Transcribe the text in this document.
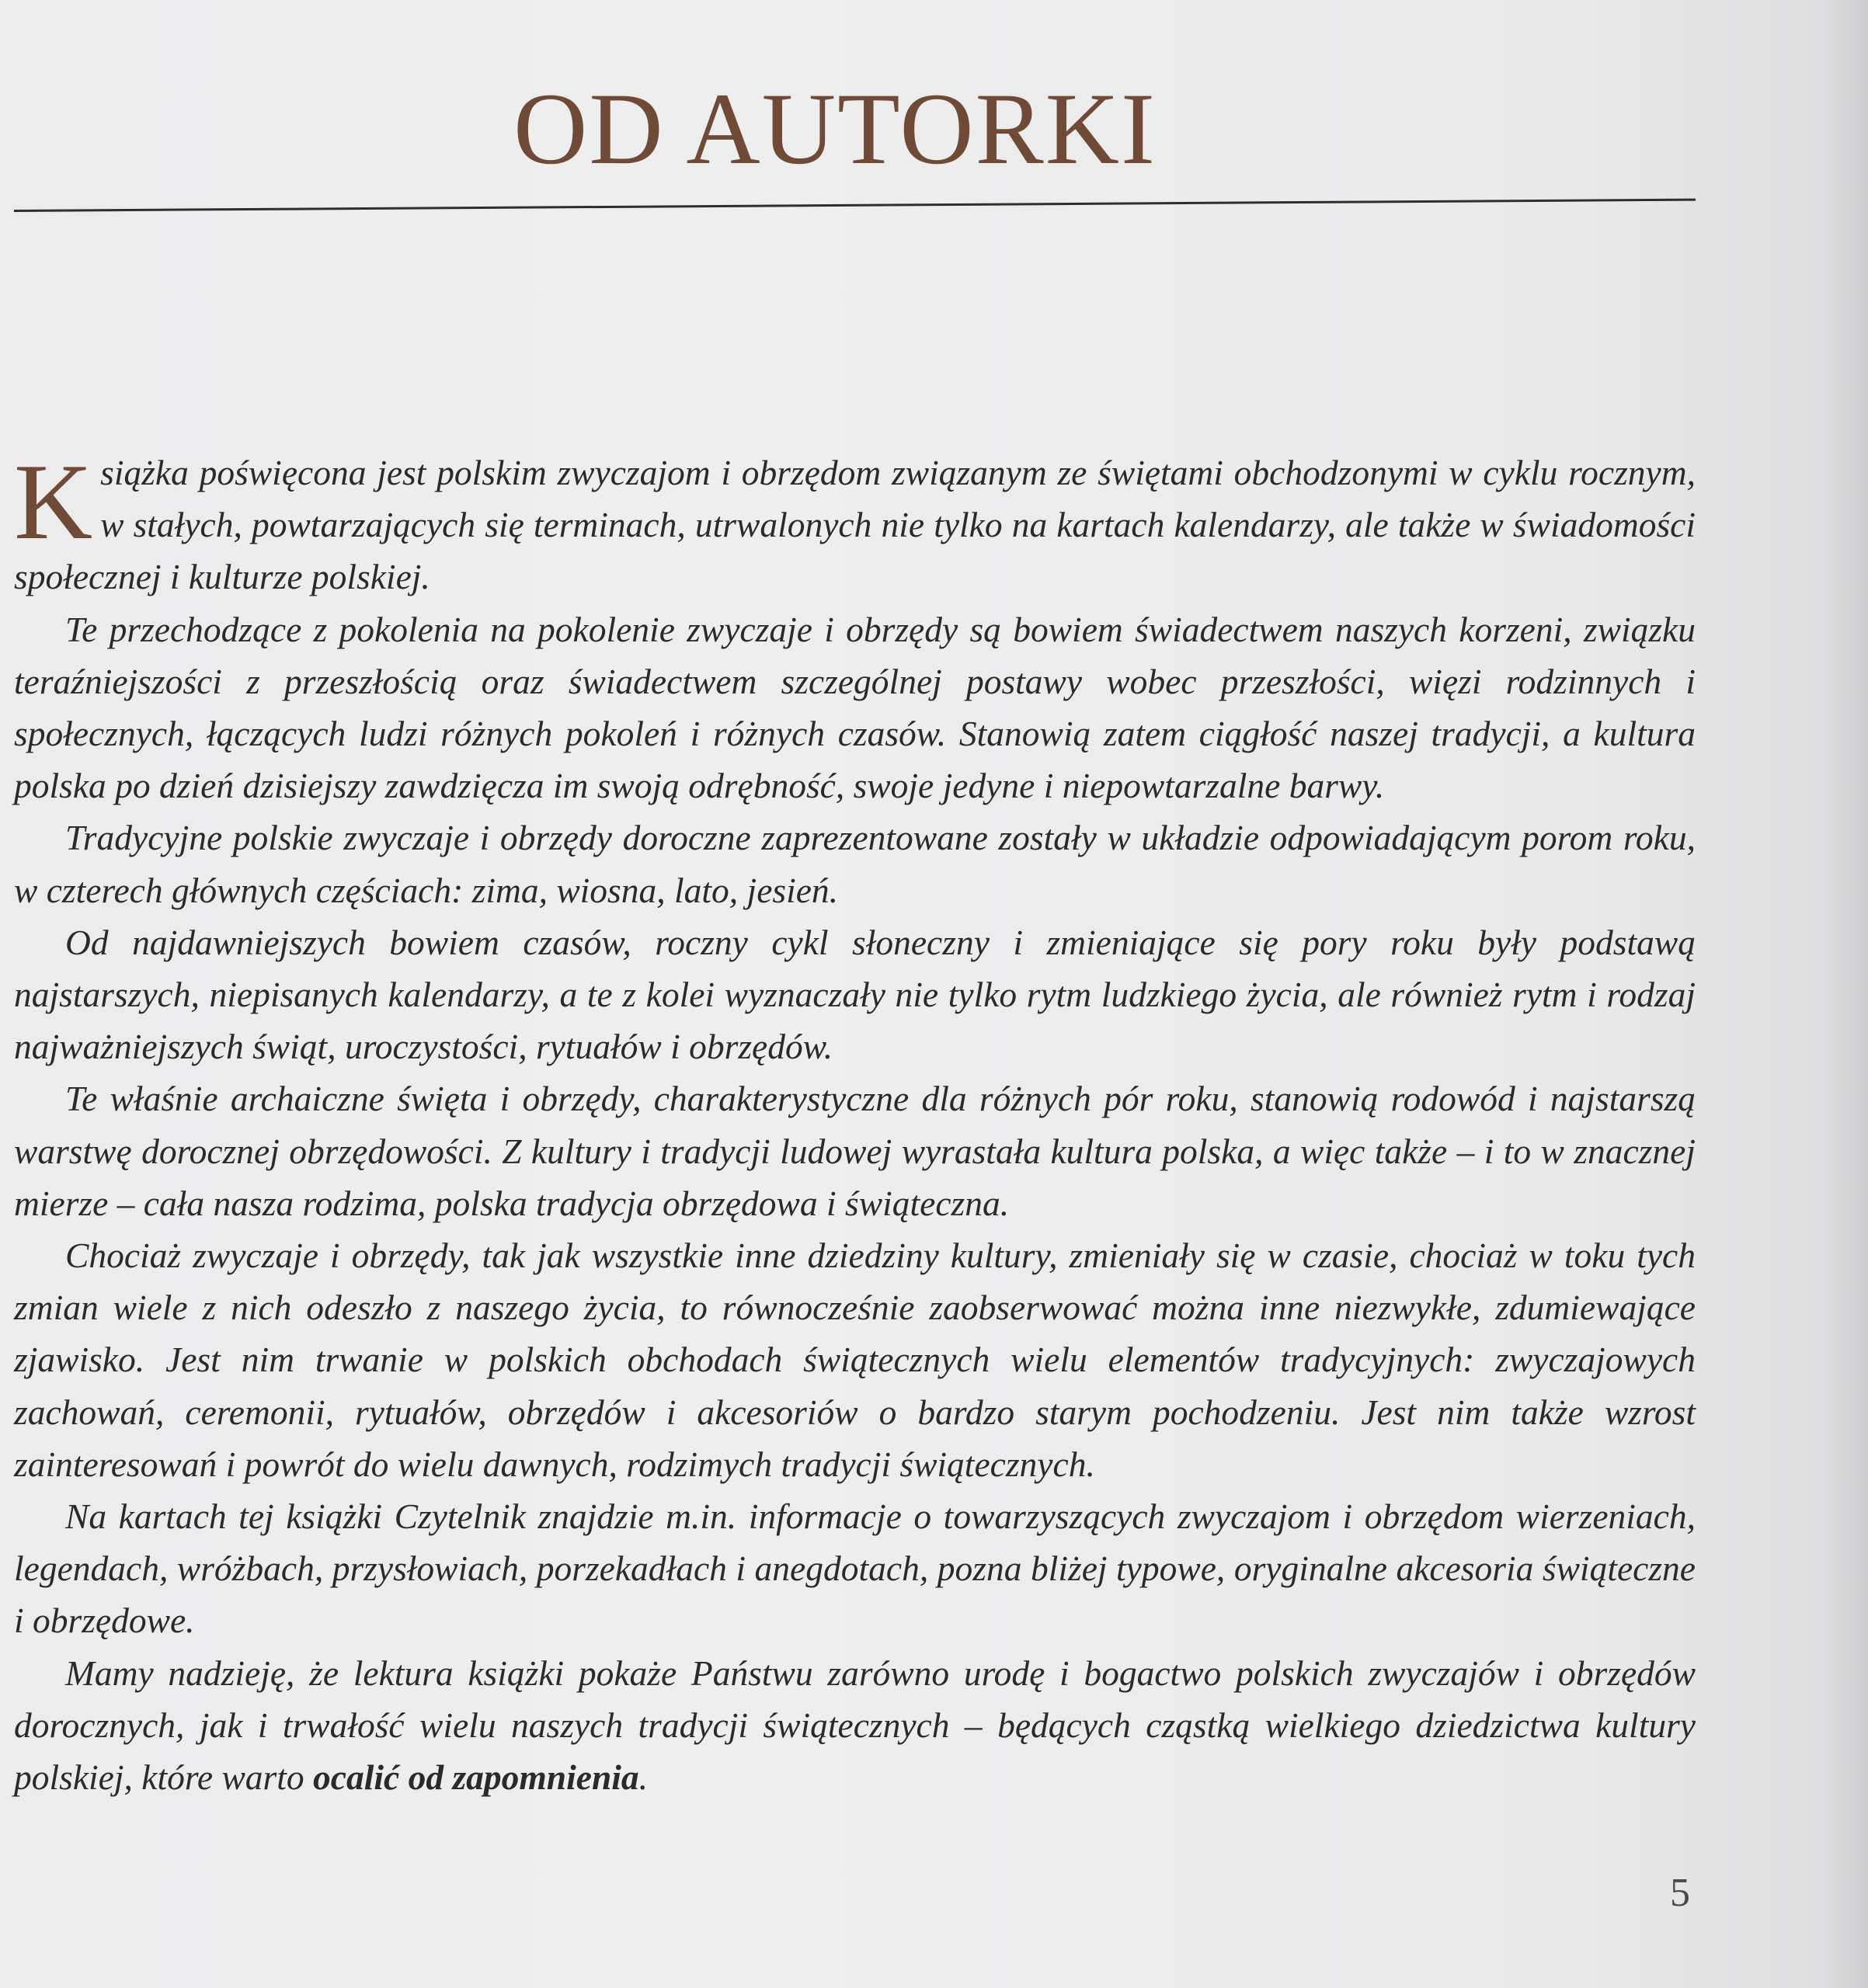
OD AUTORKI

Książka poświęcona jest polskim zwyczajom i obrzędom związanym ze świętami obchodzonymi w cyklu rocznym, w stałych, powtarzających się terminach, utrwalonych nie tylko na kartach kalendarzy, ale także w świadomości społecznej i kulturze polskiej.

Te przechodzące z pokolenia na pokolenie zwyczaje i obrzędy są bowiem świadectwem naszych korzeni, związku teraźniejszości z przeszłością oraz świadectwem szczególnej postawy wobec przeszłości, więzi rodzinnych i społecznych, łączących ludzi różnych pokoleń i różnych czasów. Stanowią zatem ciągłość naszej tradycji, a kultura polska po dzień dzisiejszy zawdzięcza im swoją odrębność, swoje jedyne i niepowtarzalne barwy.

Tradycyjne polskie zwyczaje i obrzędy doroczne zaprezentowane zostały w układzie odpowiadającym porom roku, w czterech głównych częściach: zima, wiosna, lato, jesień.

Od najdawniejszych bowiem czasów, roczny cykl słoneczny i zmieniające się pory roku były podstawą najstarszych, niepisanych kalendarzy, a te z kolei wyznaczały nie tylko rytm ludzkiego życia, ale również rytm i rodzaj najważniejszych świąt, uroczystości, rytuałów i obrzędów.

Te właśnie archaiczne święta i obrzędy, charakterystyczne dla różnych pór roku, stanowią rodowód i najstarszą warstwę dorocznej obrzędowości. Z kultury i tradycji ludowej wyrastała kultura polska, a więc także – i to w znacznej mierze – cała nasza rodzima, polska tradycja obrzędowa i świąteczna.

Chociaż zwyczaje i obrzędy, tak jak wszystkie inne dziedziny kultury, zmieniały się w czasie, chociaż w toku tych zmian wiele z nich odeszło z naszego życia, to równocześnie zaobserwować można inne niezwykłe, zdumiewające zjawisko. Jest nim trwanie w polskich obchodach świątecznych wielu elementów tradycyjnych: zwyczajowych zachowań, ceremonii, rytuałów, obrzędów i akcesoriów o bardzo starym pochodzeniu. Jest nim także wzrost zainteresowań i powrót do wielu dawnych, rodzimych tradycji świątecznych.

Na kartach tej książki Czytelnik znajdzie m.in. informacje o towarzyszących zwyczajom i obrzędom wierzeniach, legendach, wróżbach, przysłowiach, porzekadłach i anegdotach, pozna bliżej typowe, oryginalne akcesoria świąteczne i obrzędowe.

Mamy nadzieję, że lektura książki pokaże Państwu zarówno urodę i bogactwo polskich zwyczajów i obrzędów dorocznych, jak i trwałość wielu naszych tradycji świątecznych – będących cząstką wielkiego dziedzictwa kultury polskiej, które warto ocalić od zapomnienia.

5
